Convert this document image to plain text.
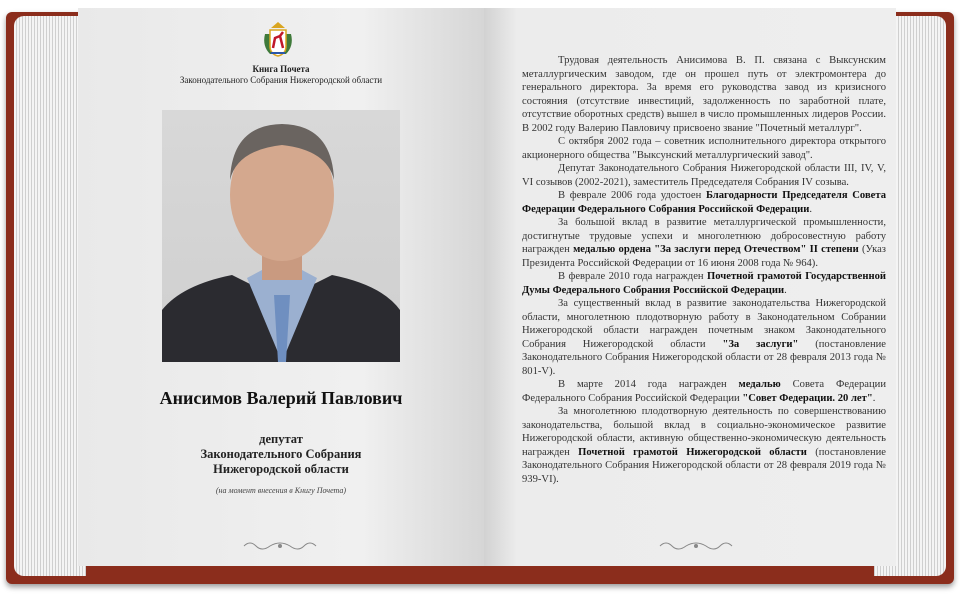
Книга Почета
Законодательного Собрания Нижегородской области
Анисимов Валерий Павлович
депутат
Законодательного Собрания
Нижегородской области
(на момент внесения в Книгу Почета)

Трудовая деятельность Анисимова В. П. связана с Выксунским металлургическим заводом, где он прошел путь от электромонтера до генерального директора. За время его руководства завод из кризисного состояния (отсутствие инвестиций, задолженность по заработной плате, отсутствие оборотных средств) вышел в число промышленных лидеров России. В 2002 году Валерию Павловичу присвоено звание "Почетный металлург".

С октября 2002 года – советник исполнительного директора открытого акционерного общества "Выксунский металлургический завод".

Депутат Законодательного Собрания Нижегородской области III, IV, V, VI созывов (2002-2021), заместитель Председателя Собрания IV созыва.

В феврале 2006 года удостоен Благодарности Председателя Совета Федерации Федерального Собрания Российской Федерации.

За большой вклад в развитие металлургической промышленности, достигнутые трудовые успехи и многолетнюю добросовестную работу награжден медалью ордена "За заслуги перед Отечеством" II степени (Указ Президента Российской Федерации от 16 июня 2008 года № 964).

В феврале 2010 года награжден Почетной грамотой Государственной Думы Федерального Собрания Российской Федерации.

За существенный вклад в развитие законодательства Нижегородской области, многолетнюю плодотворную работу в Законодательном Собрании Нижегородской области награжден почетным знаком Законодательного Собрания Нижегородской области "За заслуги" (постановление Законодательного Собрания Нижегородской области от 28 февраля 2013 года № 801-V).

В марте 2014 года награжден медалью Совета Федерации Федерального Собрания Российской Федерации "Совет Федерации. 20 лет".

За многолетнюю плодотворную деятельность по совершенствованию законодательства, большой вклад в социально-экономическое развитие Нижегородской области, активную общественно-экономическую деятельность награжден Почетной грамотой Нижегородской области (постановление Законодательного Собрания Нижегородской области от 28 февраля 2019 года № 939-VI).
